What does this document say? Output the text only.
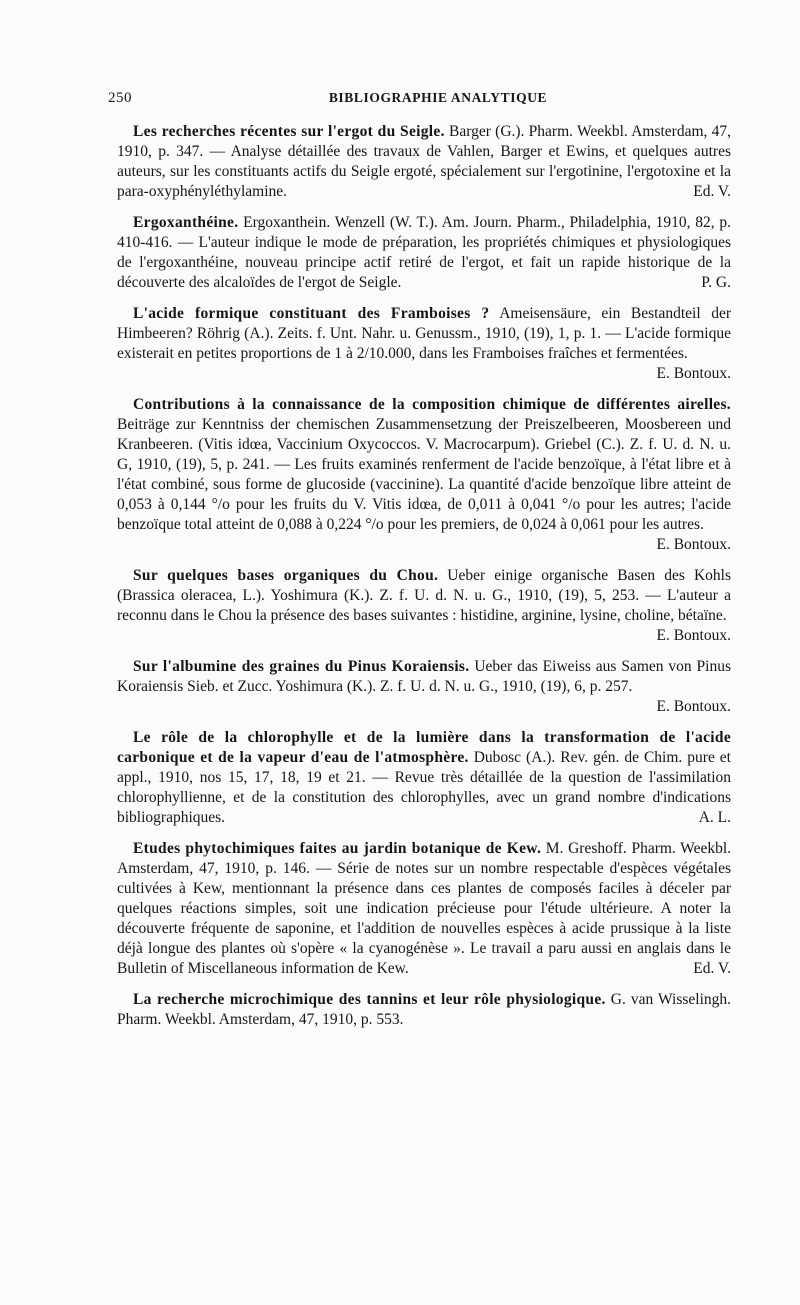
250	BIBLIOGRAPHIE ANALYTIQUE
Les recherches récentes sur l'ergot du Seigle. Barger (G.). Pharm. Weekbl. Amsterdam, 47, 1910, p. 347. — Analyse détaillée des travaux de Vahlen, Barger et Ewins, et quelques autres auteurs, sur les constituants actifs du Seigle ergoté, spécialement sur l'ergotinine, l'ergotoxine et la para-oxyphényléthylamine.	Ed. V.
Ergoxanthéine. Ergoxanthein. Wenzell (W. T.). Am. Journ. Pharm., Philadelphia, 1910, 82, p. 410-416. — L'auteur indique le mode de préparation, les propriétés chimiques et physiologiques de l'ergoxanthéine, nouveau principe actif retiré de l'ergot, et fait un rapide historique de la découverte des alcaloïdes de l'ergot de Seigle.	P. G.
L'acide formique constituant des Framboises ? Ameisensäure, ein Bestandteil der Himbeeren? Röhrig (A.). Zeits. f. Unt. Nahr. u. Genussm., 1910, (19), 1, p. 1. — L'acide formique existerait en petites proportions de 1 à 2/10.000, dans les Framboises fraîches et fermentées.
E. Bontoux.
Contributions à la connaissance de la composition chimique de différentes airelles. Beiträge zur Kenntniss der chemischen Zusammensetzung der Preiszelbeeren, Moosbereen und Kranbeeren. (Vitis idœa, Vaccinium Oxycoccos. V. Macrocarpum). Griebel (C.). Z. f. U. d. N. u. G, 1910, (19), 5, p. 241. — Les fruits examinés renferment de l'acide benzoïque, à l'état libre et à l'état combiné, sous forme de glucoside (vaccinine). La quantité d'acide benzoïque libre atteint de 0,053 à 0,144 °/o pour les fruits du V. Vitis idœa, de 0,011 à 0,041 °/o pour les autres; l'acide benzoïque total atteint de 0,088 à 0,224 °/o pour les premiers, de 0,024 à 0,061 pour les autres.
E. Bontoux.
Sur quelques bases organiques du Chou. Ueber einige organische Basen des Kohls (Brassica oleracea, L.). Yoshimura (K.). Z. f. U. d. N. u. G., 1910, (19), 5, 253. — L'auteur a reconnu dans le Chou la présence des bases suivantes : histidine, arginine, lysine, choline, bétaïne.
E. Bontoux.
Sur l'albumine des graines du Pinus Koraiensis. Ueber das Eiweiss aus Samen von Pinus Koraiensis Sieb. et Zucc. Yoshimura (K.). Z. f. U. d. N. u. G., 1910, (19), 6, p. 257.
E. Bontoux.
Le rôle de la chlorophylle et de la lumière dans la transformation de l'acide carbonique et de la vapeur d'eau de l'atmosphère. Dubosc (A.). Rev. gén. de Chim. pure et appl., 1910, nos 15, 17, 18, 19 et 21. — Revue très détaillée de la question de l'assimilation chlorophyllienne, et de la constitution des chlorophylles, avec un grand nombre d'indications bibliographiques.	A. L.
Etudes phytochimiques faites au jardin botanique de Kew. M. Greshoff. Pharm. Weekbl. Amsterdam, 47, 1910, p. 146. — Série de notes sur un nombre respectable d'espèces végétales cultivées à Kew, mentionnant la présence dans ces plantes de composés faciles à déceler par quelques réactions simples, soit une indication précieuse pour l'étude ultérieure. A noter la découverte fréquente de saponine, et l'addition de nouvelles espèces à acide prussique à la liste déjà longue des plantes où s'opère « la cyanogénèse ». Le travail a paru aussi en anglais dans le Bulletin of Miscellaneous information de Kew.	Ed. V.
La recherche microchimique des tannins et leur rôle physiologique. G. van Wisselingh. Pharm. Weekbl. Amsterdam, 47, 1910, p. 553.
